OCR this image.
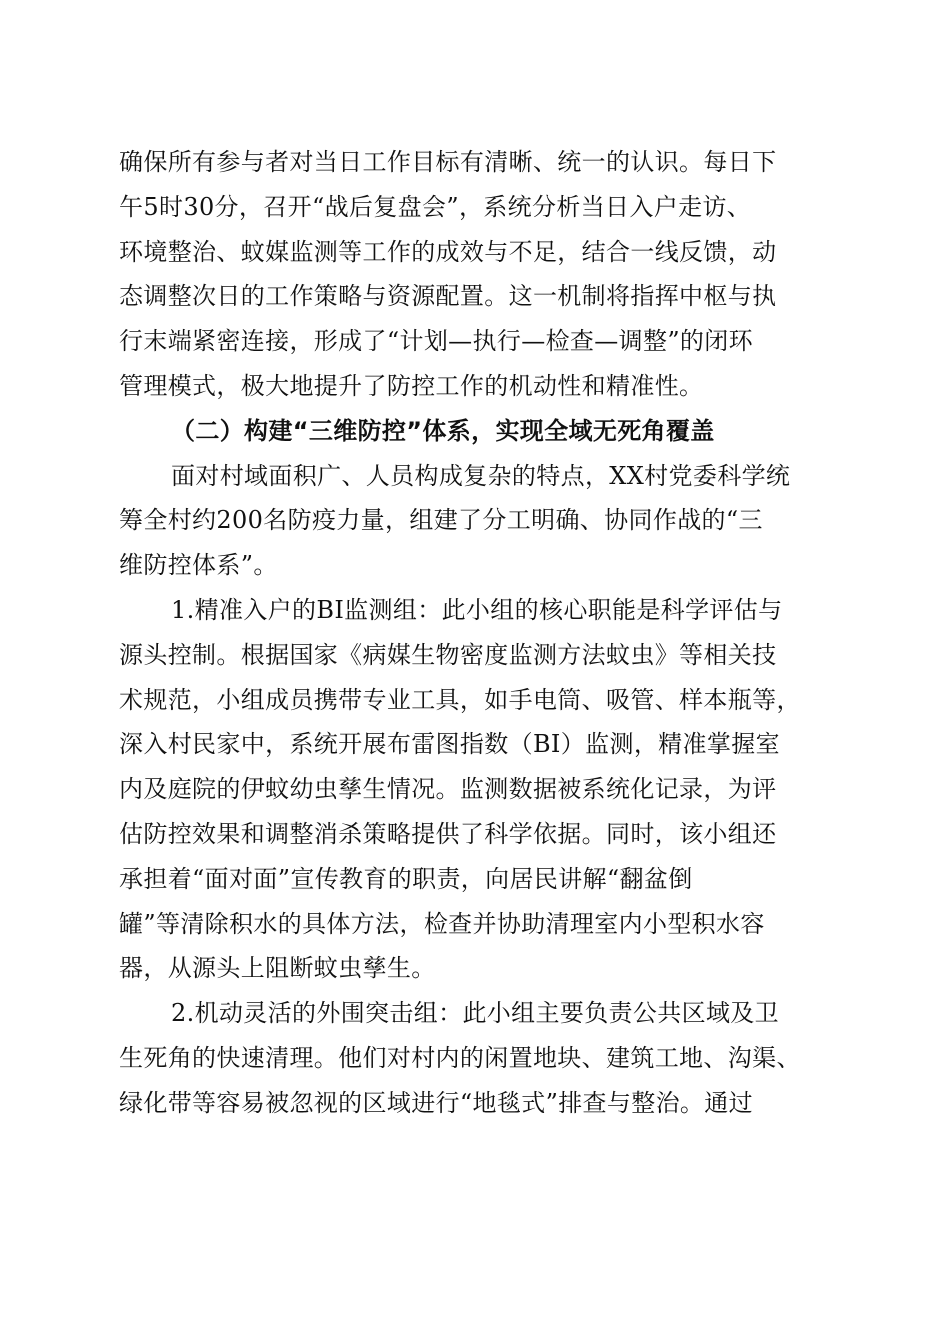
确保所有参与者对当日工作目标有清晰、统一的认识。每日下
午5时30分，召开“战后复盘会”，系统分析当日入户走访、
环境整治、蚊媒监测等工作的成效与不足，结合一线反馈，动
态调整次日的工作策略与资源配置。这一机制将指挥中枢与执
行末端紧密连接，形成了“计划—执行—检查—调整”的闭环
管理模式，极大地提升了防控工作的机动性和精准性。
（二）构建“三维防控”体系，实现全域无死角覆盖
面对村域面积广、人员构成复杂的特点，XX村党委科学统
筹全村约200名防疫力量，组建了分工明确、协同作战的“三
维防控体系”。
1.精准入户的BI监测组：此小组的核心职能是科学评估与
源头控制。根据国家《病媒生物密度监测方法蚊虫》等相关技
术规范，小组成员携带专业工具，如手电筒、吸管、样本瓶等，
深入村民家中，系统开展布雷图指数（BI）监测，精准掌握室
内及庭院的伊蚊幼虫孳生情况。监测数据被系统化记录，为评
估防控效果和调整消杀策略提供了科学依据。同时，该小组还
承担着“面对面”宣传教育的职责，向居民讲解“翻盆倒
罐”等清除积水的具体方法，检查并协助清理室内小型积水容
器，从源头上阻断蚊虫孳生。
2.机动灵活的外围突击组：此小组主要负责公共区域及卫
生死角的快速清理。他们对村内的闲置地块、建筑工地、沟渠、
绿化带等容易被忽视的区域进行“地毯式”排查与整治。通过
